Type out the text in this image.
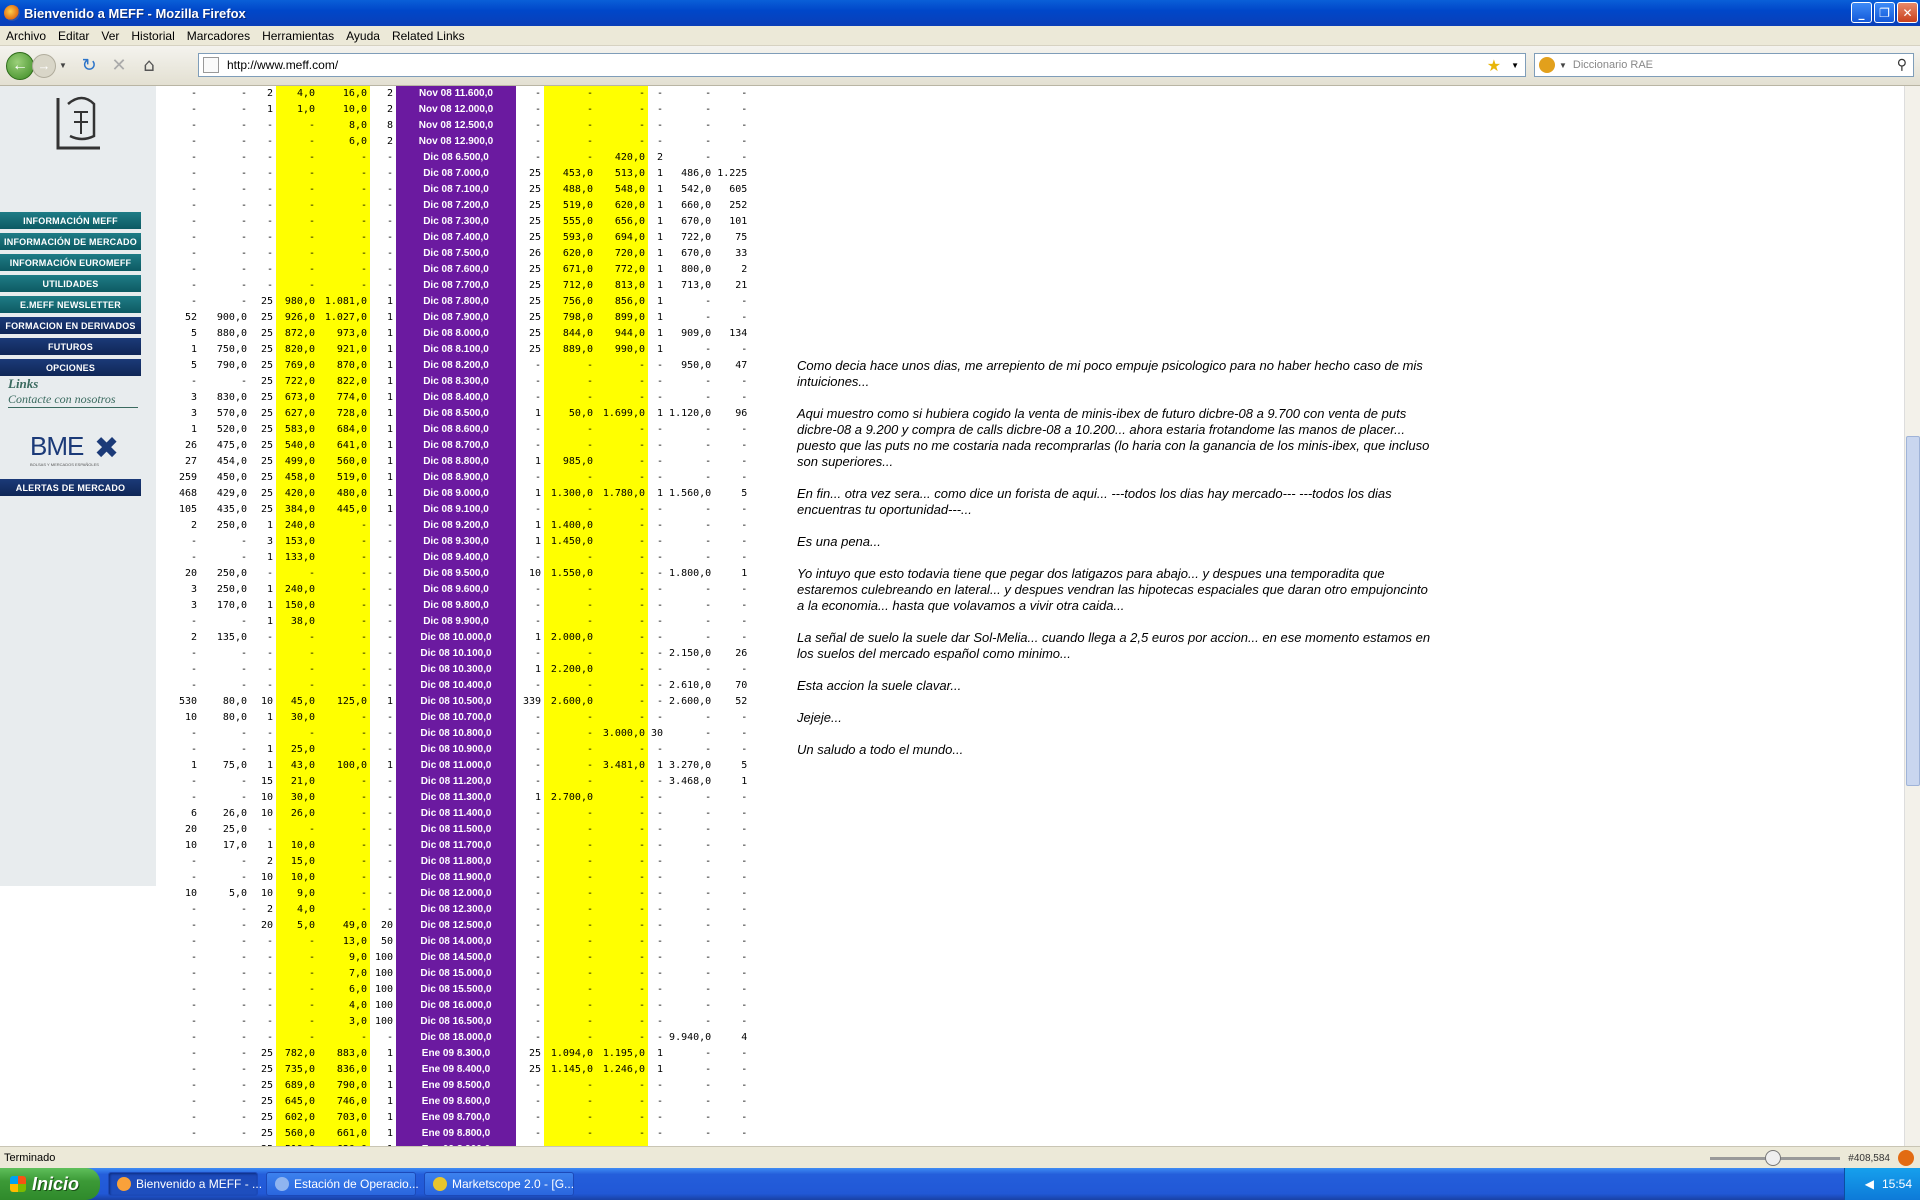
Bienvenido a MEFF - Mozilla Firefox	_	❐	✕
Archivo	Editar	Ver	Historial	Marcadores	Herramientas	Ayuda	Related Links
← →	▼ ↻ ✕ ⌂	http://www.meff.com/	★ ▼	▼ Diccionario RAE	⚲
INFORMACIÓN MEFF
INFORMACIÓN DE MERCADO
INFORMACIÓN EUROMEFF
UTILIDADES
E.MEFF NEWSLETTER
FORMACION EN DERIVADOS
FUTUROS
OPCIONES
Links
Contacte con nosotros
BME ✖
BOLSAS Y MERCADOS ESPAÑOLES
ALERTAS DE MERCADO
-	-	2	4,0	16,0	2	Nov 08 11.600,0	-	-	-	-	-	-
-	-	1	1,0	10,0	2	Nov 08 12.000,0	-	-	-	-	-	-
-	-	-	-	8,0	8	Nov 08 12.500,0	-	-	-	-	-	-
-	-	-	-	6,0	2	Nov 08 12.900,0	-	-	-	-	-	-
-	-	-	-	-	-	Dic 08 6.500,0	-	-	420,0	2	-	-
-	-	-	-	-	-	Dic 08 7.000,0	25	453,0	513,0	1	486,0	1.225
-	-	-	-	-	-	Dic 08 7.100,0	25	488,0	548,0	1	542,0	605
-	-	-	-	-	-	Dic 08 7.200,0	25	519,0	620,0	1	660,0	252
-	-	-	-	-	-	Dic 08 7.300,0	25	555,0	656,0	1	670,0	101
-	-	-	-	-	-	Dic 08 7.400,0	25	593,0	694,0	1	722,0	75
-	-	-	-	-	-	Dic 08 7.500,0	26	620,0	720,0	1	670,0	33
-	-	-	-	-	-	Dic 08 7.600,0	25	671,0	772,0	1	800,0	2
-	-	-	-	-	-	Dic 08 7.700,0	25	712,0	813,0	1	713,0	21
-	-	25	980,0	1.081,0	1	Dic 08 7.800,0	25	756,0	856,0	1	-	-
52	900,0	25	926,0	1.027,0	1	Dic 08 7.900,0	25	798,0	899,0	1	-	-
5	880,0	25	872,0	973,0	1	Dic 08 8.000,0	25	844,0	944,0	1	909,0	134
1	750,0	25	820,0	921,0	1	Dic 08 8.100,0	25	889,0	990,0	1	-	-
5	790,0	25	769,0	870,0	1	Dic 08 8.200,0	-	-	-	-	950,0	47
-	-	25	722,0	822,0	1	Dic 08 8.300,0	-	-	-	-	-	-
3	830,0	25	673,0	774,0	1	Dic 08 8.400,0	-	-	-	-	-	-
3	570,0	25	627,0	728,0	1	Dic 08 8.500,0	1	50,0	1.699,0	1	1.120,0	96
1	520,0	25	583,0	684,0	1	Dic 08 8.600,0	-	-	-	-	-	-
26	475,0	25	540,0	641,0	1	Dic 08 8.700,0	-	-	-	-	-	-
27	454,0	25	499,0	560,0	1	Dic 08 8.800,0	1	985,0	-	-	-	-
259	450,0	25	458,0	519,0	1	Dic 08 8.900,0	-	-	-	-	-	-
468	429,0	25	420,0	480,0	1	Dic 08 9.000,0	1	1.300,0	1.780,0	1	1.560,0	5
105	435,0	25	384,0	445,0	1	Dic 08 9.100,0	-	-	-	-	-	-
2	250,0	1	240,0	-	-	Dic 08 9.200,0	1	1.400,0	-	-	-	-
-	-	3	153,0	-	-	Dic 08 9.300,0	1	1.450,0	-	-	-	-
-	-	1	133,0	-	-	Dic 08 9.400,0	-	-	-	-	-	-
20	250,0	-	-	-	-	Dic 08 9.500,0	10	1.550,0	-	-	1.800,0	1
3	250,0	1	240,0	-	-	Dic 08 9.600,0	-	-	-	-	-	-
3	170,0	1	150,0	-	-	Dic 08 9.800,0	-	-	-	-	-	-
-	-	1	38,0	-	-	Dic 08 9.900,0	-	-	-	-	-	-
2	135,0	-	-	-	-	Dic 08 10.000,0	1	2.000,0	-	-	-	-
-	-	-	-	-	-	Dic 08 10.100,0	-	-	-	-	2.150,0	26
-	-	-	-	-	-	Dic 08 10.300,0	1	2.200,0	-	-	-	-
-	-	-	-	-	-	Dic 08 10.400,0	-	-	-	-	2.610,0	70
530	80,0	10	45,0	125,0	1	Dic 08 10.500,0	339	2.600,0	-	-	2.600,0	52
10	80,0	1	30,0	-	-	Dic 08 10.700,0	-	-	-	-	-	-
-	-	-	-	-	-	Dic 08 10.800,0	-	-	3.000,0	30	-	-
-	-	1	25,0	-	-	Dic 08 10.900,0	-	-	-	-	-	-
1	75,0	1	43,0	100,0	1	Dic 08 11.000,0	-	-	3.481,0	1	3.270,0	5
-	-	15	21,0	-	-	Dic 08 11.200,0	-	-	-	-	3.468,0	1
-	-	10	30,0	-	-	Dic 08 11.300,0	1	2.700,0	-	-	-	-
6	26,0	10	26,0	-	-	Dic 08 11.400,0	-	-	-	-	-	-
20	25,0	-	-	-	-	Dic 08 11.500,0	-	-	-	-	-	-
10	17,0	1	10,0	-	-	Dic 08 11.700,0	-	-	-	-	-	-
-	-	2	15,0	-	-	Dic 08 11.800,0	-	-	-	-	-	-
-	-	10	10,0	-	-	Dic 08 11.900,0	-	-	-	-	-	-
10	5,0	10	9,0	-	-	Dic 08 12.000,0	-	-	-	-	-	-
-	-	2	4,0	-	-	Dic 08 12.300,0	-	-	-	-	-	-
-	-	20	5,0	49,0	20	Dic 08 12.500,0	-	-	-	-	-	-
-	-	-	-	13,0	50	Dic 08 14.000,0	-	-	-	-	-	-
-	-	-	-	9,0	100	Dic 08 14.500,0	-	-	-	-	-	-
-	-	-	-	7,0	100	Dic 08 15.000,0	-	-	-	-	-	-
-	-	-	-	6,0	100	Dic 08 15.500,0	-	-	-	-	-	-
-	-	-	-	4,0	100	Dic 08 16.000,0	-	-	-	-	-	-
-	-	-	-	3,0	100	Dic 08 16.500,0	-	-	-	-	-	-
-	-	-	-	-	-	Dic 08 18.000,0	-	-	-	-	9.940,0	4
-	-	25	782,0	883,0	1	Ene 09 8.300,0	25	1.094,0	1.195,0	1	-	-
-	-	25	735,0	836,0	1	Ene 09 8.400,0	25	1.145,0	1.246,0	1	-	-
-	-	25	689,0	790,0	1	Ene 09 8.500,0	-	-	-	-	-	-
-	-	25	645,0	746,0	1	Ene 09 8.600,0	-	-	-	-	-	-
-	-	25	602,0	703,0	1	Ene 09 8.700,0	-	-	-	-	-	-
-	-	25	560,0	661,0	1	Ene 09 8.800,0	-	-	-	-	-	-

Como decia hace unos dias, me arrepiento de mi poco empuje psicologico para no haber hecho caso de mis intuiciones...

Aqui muestro como si hubiera cogido la venta de minis-ibex de futuro dicbre-08 a 9.700 con venta de puts dicbre-08 a 9.200 y compra de calls dicbre-08 a 10.200... ahora estaria frotandome las manos de placer... puesto que las puts no me costaria nada recomprarlas (lo haria con la ganancia de los minis-ibex, que incluso son superiores...

En fin... otra vez sera... como dice un forista de aqui... ---todos los dias hay mercado--- ---todos los dias encuentras tu oportunidad---...

Es una pena...

Yo intuyo que esto todavia tiene que pegar dos latigazos para abajo... y despues una temporadita que estaremos culebreando en lateral... y despues vendran las hipotecas espaciales que daran otro empujoncinto a la economia... hasta que volavamos a vivir otra caida...

La señal de suelo la suele dar Sol-Melia... cuando llega a 2,5 euros por accion... en ese momento estamos en los suelos del mercado español como minimo...

Esta accion la suele clavar...

Jejeje...

Un saludo a todo el mundo...

Terminado	#408,584
Inicio	Bienvenido a MEFF - ...	Estación de Operacio...	Marketscope 2.0 - [G...	◀ 15:54
